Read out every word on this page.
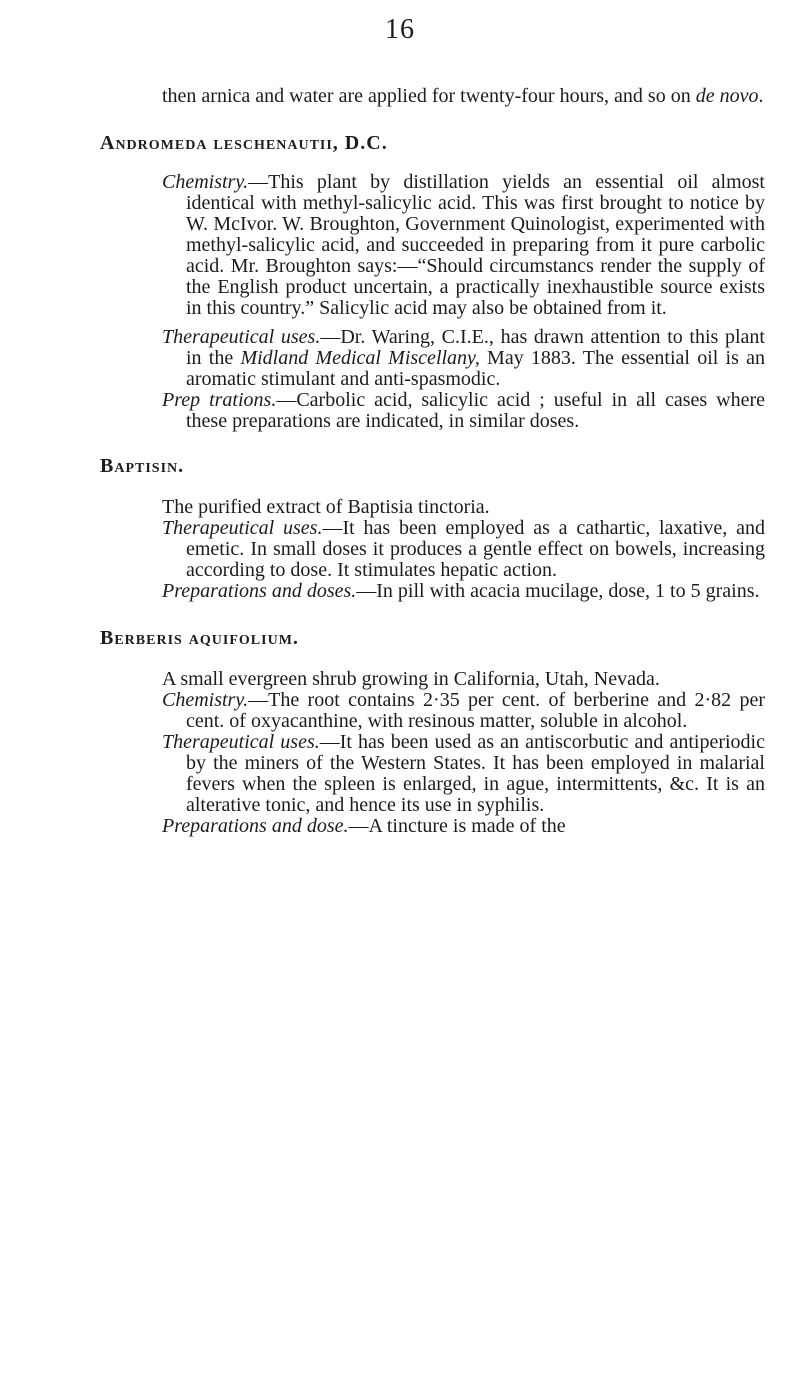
16

then arnica and water are applied for twenty-four hours, and so on de novo.

Andromeda leschenautii, D.C.

Chemistry.—This plant by distillation yields an essential oil almost identical with methyl-salicylic acid. This was first brought to notice by W. McIvor. W. Broughton, Government Quinologist, experimented with methyl-salicylic acid, and succeeded in preparing from it pure carbolic acid. Mr. Broughton says:—“Should circumstancs render the supply of the English product uncertain, a practically inexhaustible source exists in this country.” Salicylic acid may also be obtained from it.

Therapeutical uses.—Dr. Waring, C.I.E., has drawn attention to this plant in the Midland Medical Miscellany, May 1883. The essential oil is an aromatic stimulant and anti-spasmodic.

Prep trations.—Carbolic acid, salicylic acid ; useful in all cases where these preparations are indicated, in similar doses.

Baptisin.

The purified extract of Baptisia tinctoria.

Therapeutical uses.—It has been employed as a cathartic, laxative, and emetic. In small doses it produces a gentle effect on bowels, increasing according to dose. It stimulates hepatic action.

Preparations and doses.—In pill with acacia mucilage, dose, 1 to 5 grains.

Berberis aquifolium.

A small evergreen shrub growing in California, Utah, Nevada.

Chemistry.—The root contains 2·35 per cent. of berberine and 2·82 per cent. of oxyacanthine, with resinous matter, soluble in alcohol.

Therapeutical uses.—It has been used as an antiscorbutic and antiperiodic by the miners of the Western States. It has been employed in malarial fevers when the spleen is enlarged, in ague, intermittents, &c. It is an alterative tonic, and hence its use in syphilis.

Preparations and dose.—A tincture is made of the
